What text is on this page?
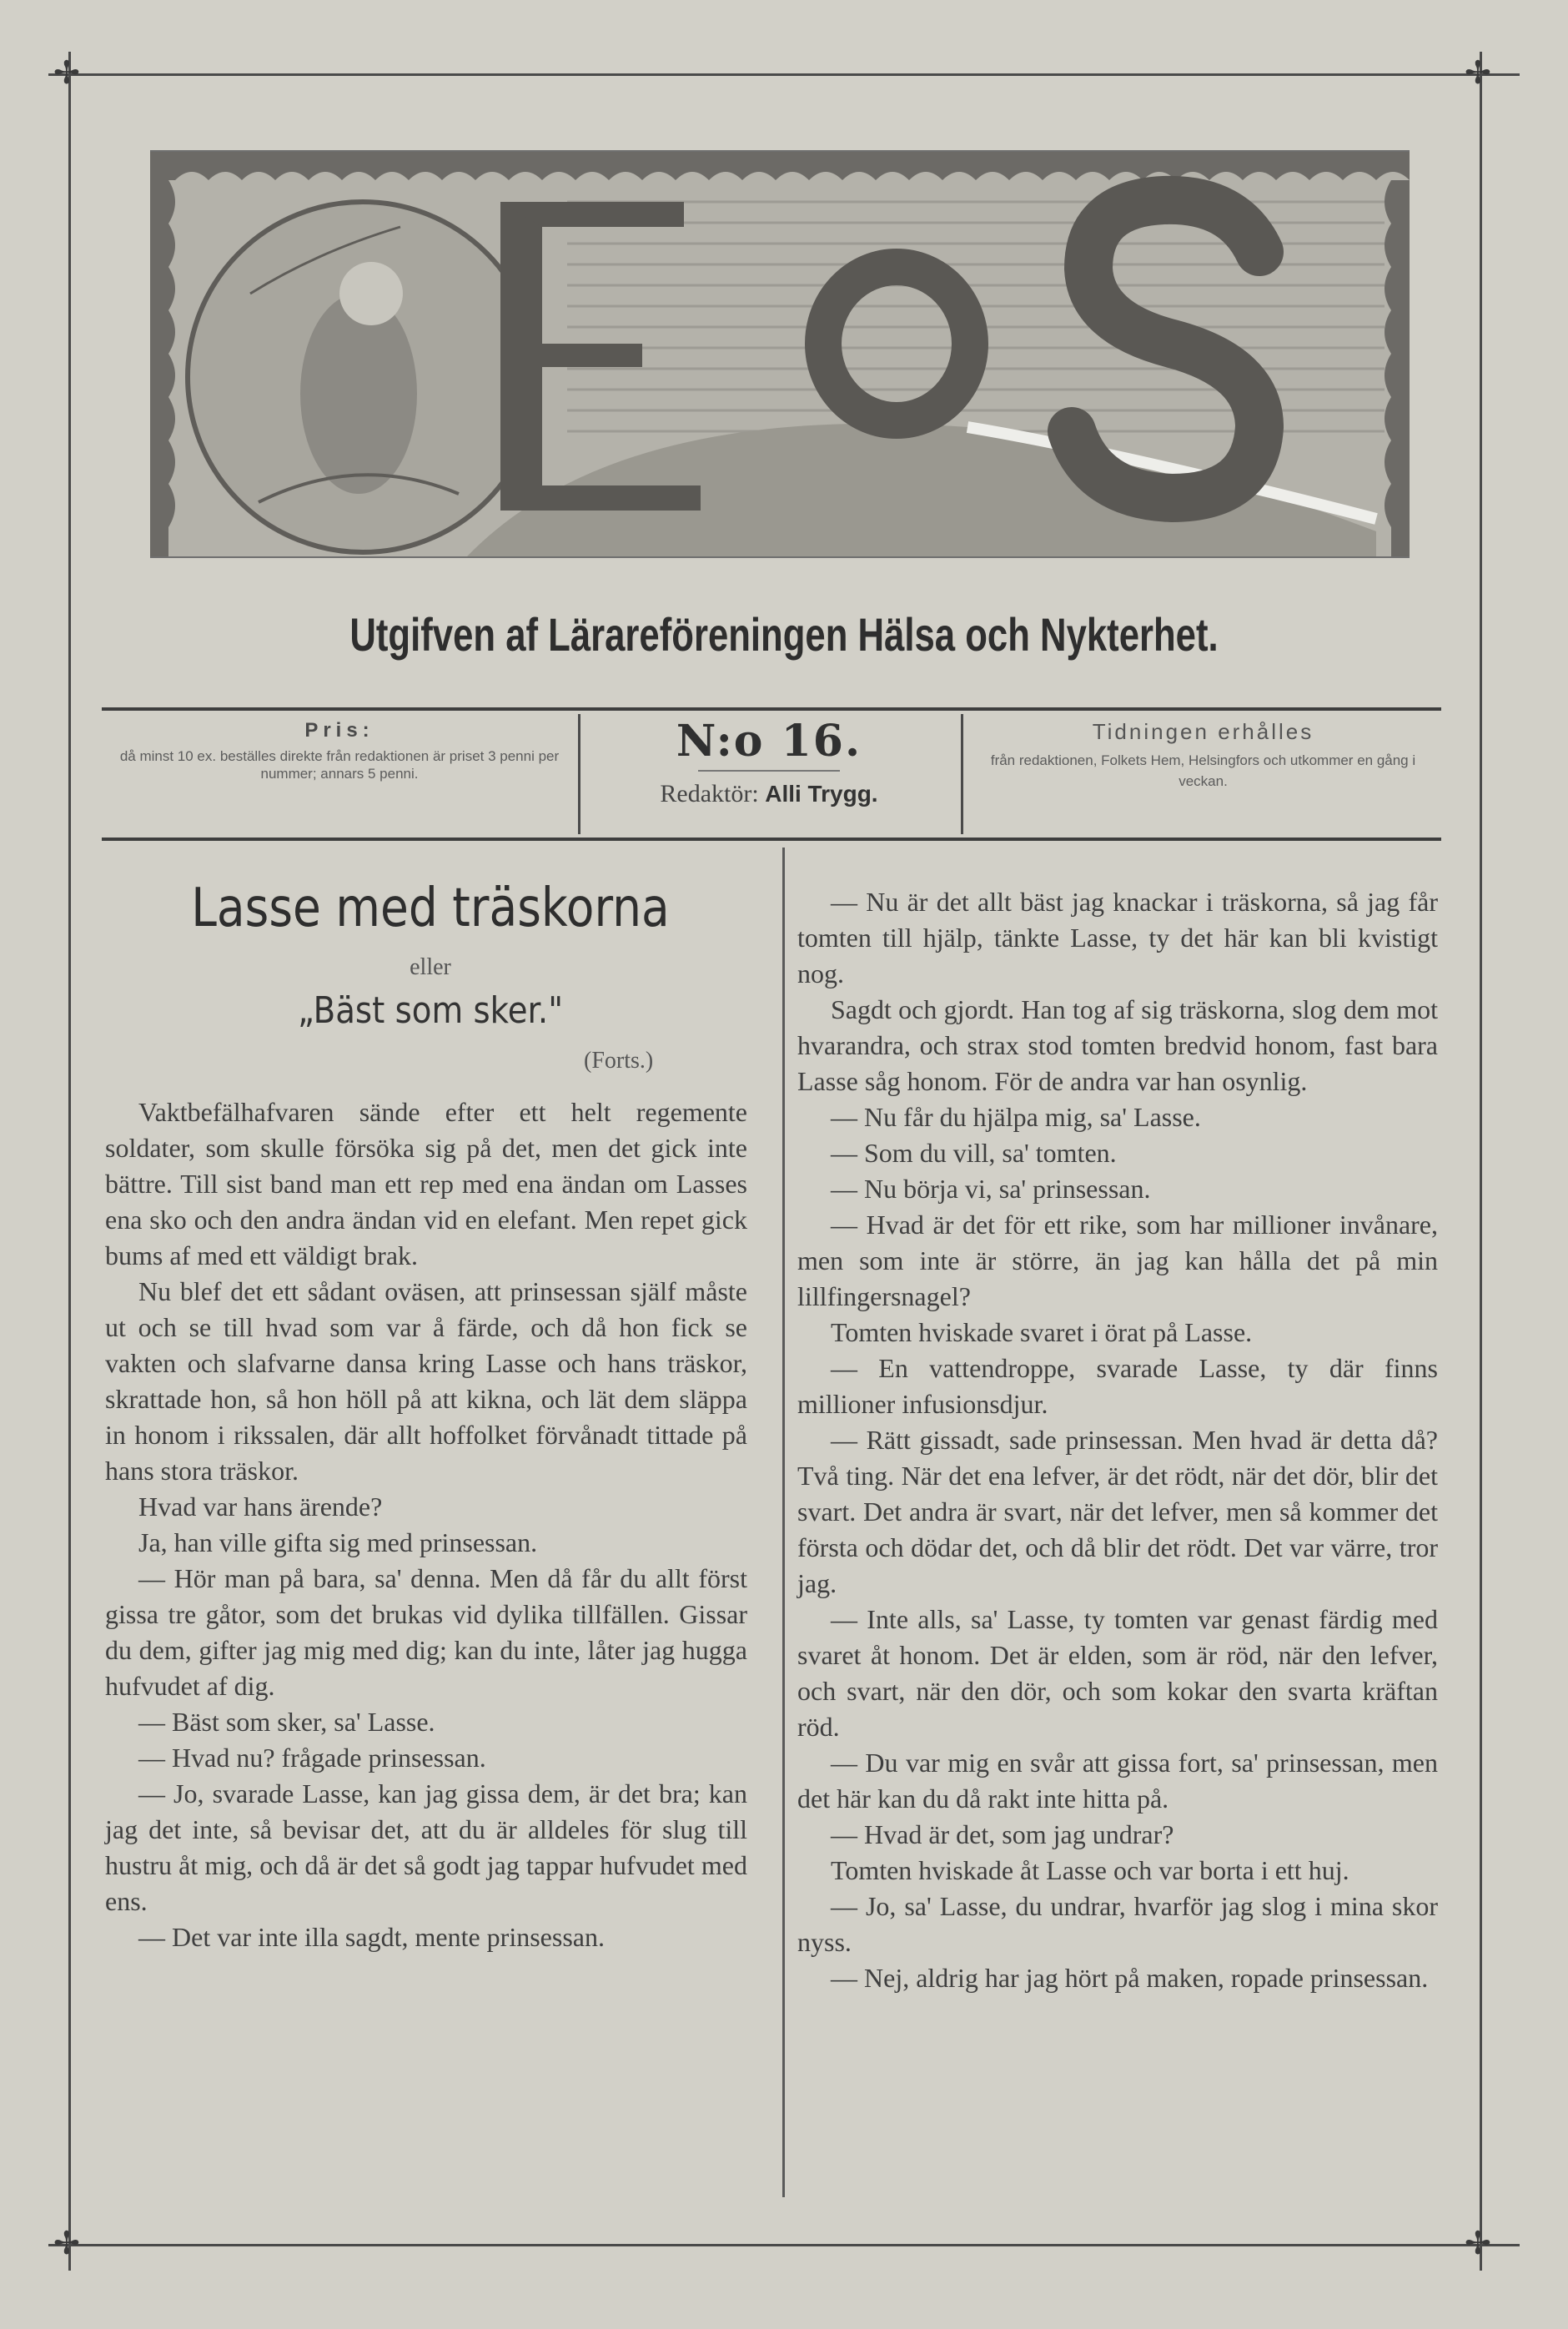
✢	✢
✢	✢
Utgifven af Lärareföreningen Hälsa och Nykterhet.
Pris:
då minst 10 ex. beställes direkte från redaktionen är priset 3 penni per nummer; annars 5 penni.
N:o 16.
Redaktör: Alli Trygg.
Tidningen erhålles
från redaktionen, Folkets Hem, Helsingfors och utkommer en gång i veckan.
Lasse med träskorna
eller
„Bäst som sker."
(Forts.)

Vaktbefälhafvaren sände efter ett helt regemente soldater, som skulle försöka sig på det, men det gick inte bättre. Till sist band man ett rep med ena ändan om Lasses ena sko och den andra ändan vid en elefant. Men repet gick bums af med ett väldigt brak.

Nu blef det ett sådant oväsen, att prinsessan själf måste ut och se till hvad som var å färde, och då hon fick se vakten och slafvarne dansa kring Lasse och hans träskor, skrattade hon, så hon höll på att kikna, och lät dem släppa in honom i rikssalen, där allt hoffolket förvånadt tittade på hans stora träskor.

Hvad var hans ärende?

Ja, han ville gifta sig med prinsessan.

— Hör man på bara, sa' denna. Men då får du allt först gissa tre gåtor, som det brukas vid dylika tillfällen. Gissar du dem, gifter jag mig med dig; kan du inte, låter jag hugga hufvudet af dig.

— Bäst som sker, sa' Lasse.

— Hvad nu? frågade prinsessan.

— Jo, svarade Lasse, kan jag gissa dem, är det bra; kan jag det inte, så bevisar det, att du är alldeles för slug till hustru åt mig, och då är det så godt jag tappar hufvudet med ens.

— Det var inte illa sagdt, mente prinsessan.

— Nu är det allt bäst jag knackar i träskorna, så jag får tomten till hjälp, tänkte Lasse, ty det här kan bli kvistigt nog.

Sagdt och gjordt. Han tog af sig träskorna, slog dem mot hvarandra, och strax stod tomten bredvid honom, fast bara Lasse såg honom. För de andra var han osynlig.

— Nu får du hjälpa mig, sa' Lasse.

— Som du vill, sa' tomten.

— Nu börja vi, sa' prinsessan.

— Hvad är det för ett rike, som har millioner invånare, men som inte är större, än jag kan hålla det på min lillfingersnagel?

Tomten hviskade svaret i örat på Lasse.

— En vattendroppe, svarade Lasse, ty där finns millioner infusionsdjur.

— Rätt gissadt, sade prinsessan. Men hvad är detta då? Två ting. När det ena lefver, är det rödt, när det dör, blir det svart. Det andra är svart, när det lefver, men så kommer det första och dödar det, och då blir det rödt. Det var värre, tror jag.

— Inte alls, sa' Lasse, ty tomten var genast färdig med svaret åt honom. Det är elden, som är röd, när den lefver, och svart, när den dör, och som kokar den svarta kräftan röd.

— Du var mig en svår att gissa fort, sa' prinsessan, men det här kan du då rakt inte hitta på.

— Hvad är det, som jag undrar?

Tomten hviskade åt Lasse och var borta i ett huj.

— Jo, sa' Lasse, du undrar, hvarför jag slog i mina skor nyss.

— Nej, aldrig har jag hört på maken, ropade prinsessan.
